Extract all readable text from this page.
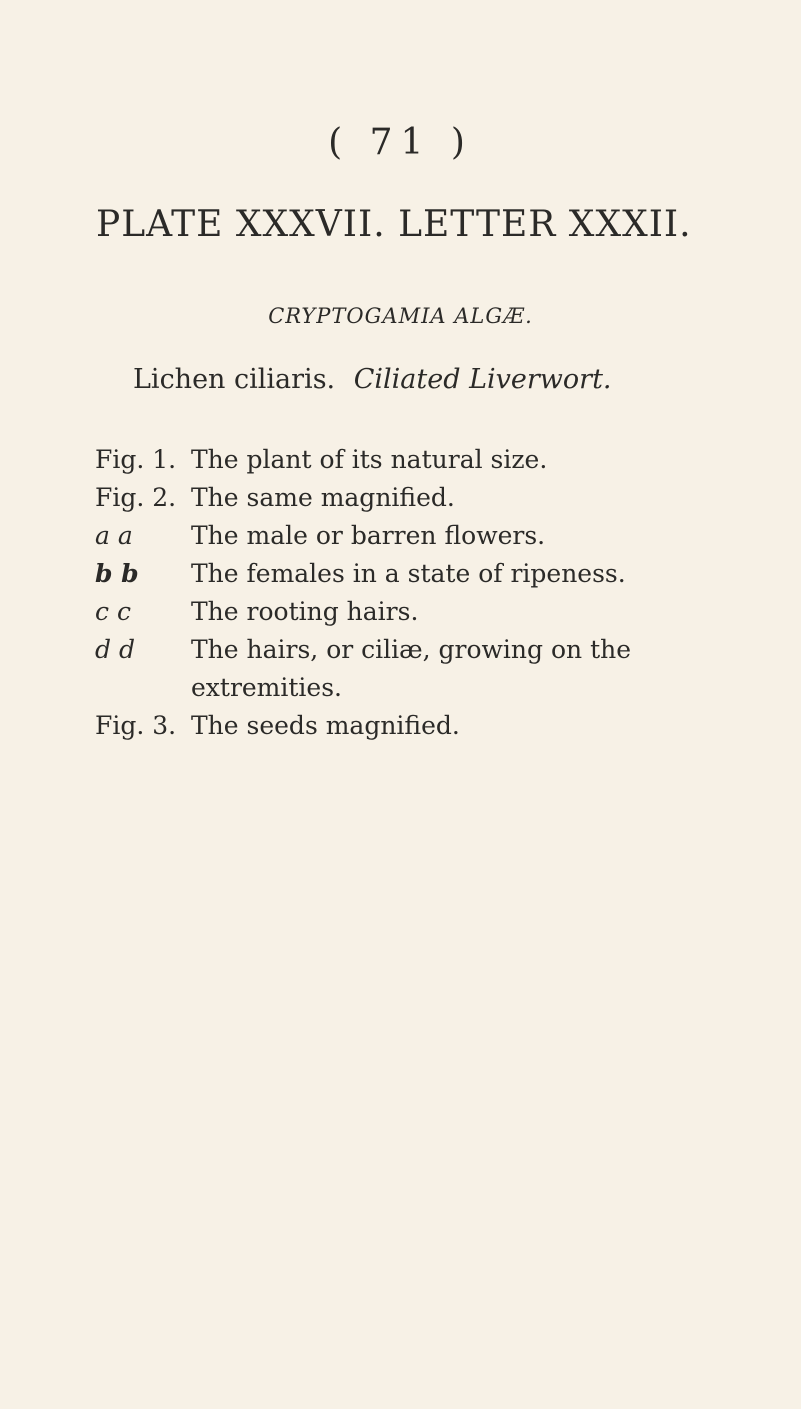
( 71 )
PLATE XXXVII. LETTER XXXII.
CRYPTOGAMIA ALGÆ.
Lichen ciliaris. Ciliated Liverwort.
Fig. 1. The plant of its natural size.
Fig. 2. The same magnified.
a a	The male or barren flowers.
b b	The females in a state of ripeness.
c c	The rooting hairs.
d d	The hairs, or ciliæ, growing on the
extremities.
Fig. 3. The seeds magnified.
